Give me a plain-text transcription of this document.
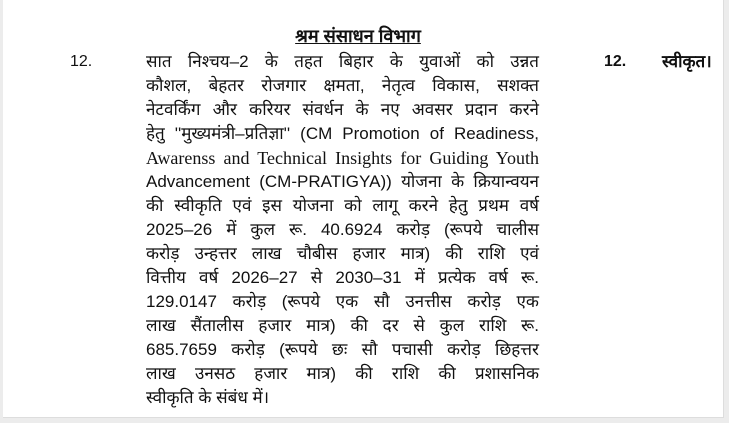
श्रम संसाधन विभाग
12.	सात निश्चय–2 के तहत बिहार के युवाओं को उन्नत
कौशल, बेहतर रोजगार क्षमता, नेतृत्व विकास, सशक्त
नेटवर्किंग और करियर संवर्धन के नए अवसर प्रदान करने
हेतु ''मुख्यमंत्री–प्रतिज्ञा'' (CM Promotion of Readiness,
Awarenss and Technical Insights for Guiding Youth
Advancement (CM-PRATIGYA)) योजना के क्रियान्वयन
की स्वीकृति एवं इस योजना को लागू करने हेतु प्रथम वर्ष
2025–26 में कुल रू. 40.6924 करोड़ (रूपये चालीस
करोड़ उन्हत्तर लाख चौबीस हजार मात्र) की राशि एवं
वित्तीय वर्ष 2026–27 से 2030–31 में प्रत्येक वर्ष रू.
129.0147 करोड़ (रूपये एक सौ उनत्तीस करोड़ एक
लाख सैंतालीस हजार मात्र) की दर से कुल राशि रू.
685.7659 करोड़ (रूपये छः सौ पचासी करोड़ छिहत्तर
लाख उनसठ हजार मात्र) की राशि की प्रशासनिक
स्वीकृति के संबंध में।
12. स्वीकृत।
